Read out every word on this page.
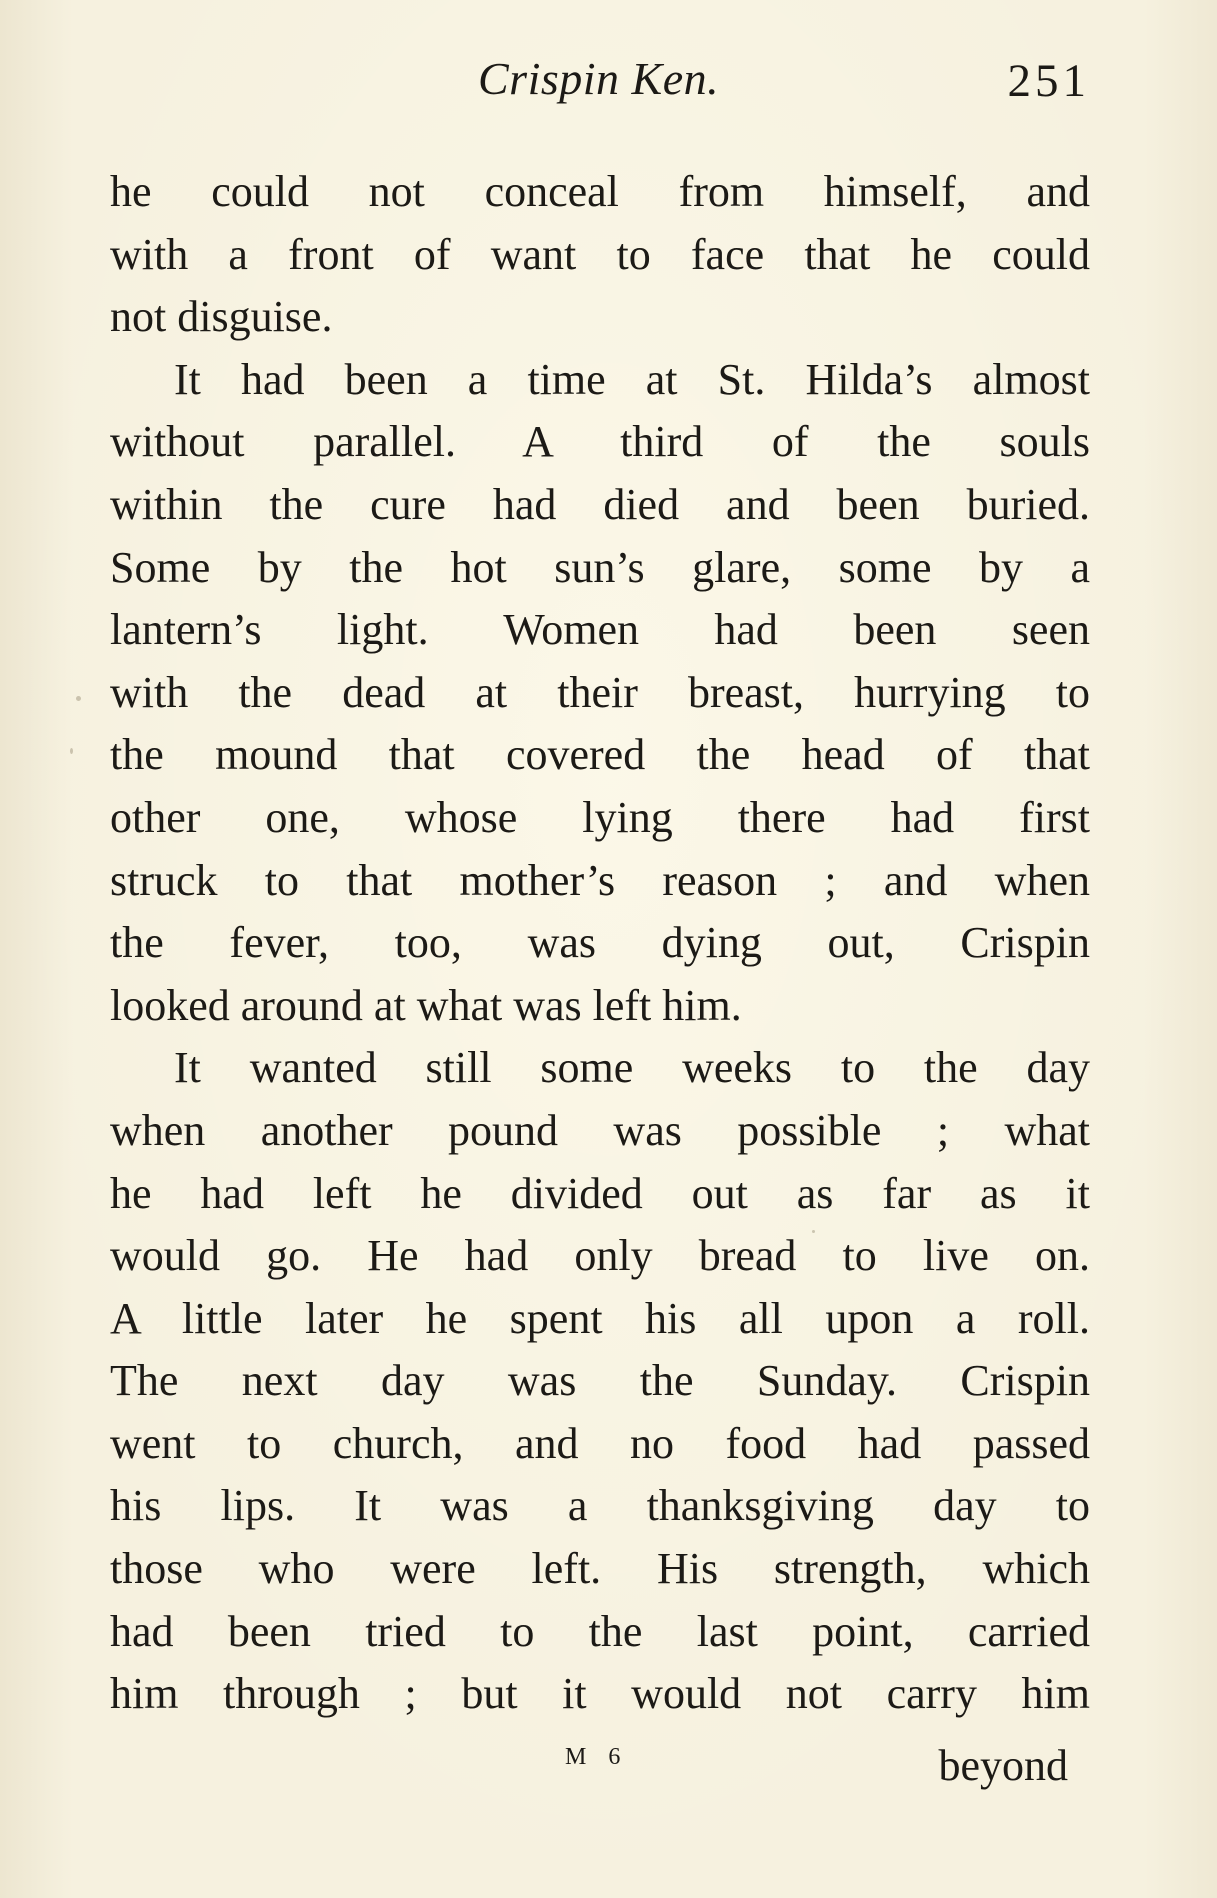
Crispin Ken.	251
he could not conceal from himself, and
with a front of want to face that he could
not disguise.
It had been a time at St. Hilda’s almost
without parallel. A third of the souls
within the cure had died and been buried.
Some by the hot sun’s glare, some by a
lantern’s light. Women had been seen
with the dead at their breast, hurrying to
the mound that covered the head of that
other one, whose lying there had first
struck to that mother’s reason ; and when
the fever, too, was dying out, Crispin
looked around at what was left him.
It wanted still some weeks to the day
when another pound was possible ; what
he had left he divided out as far as it
would go. He had only bread to live on.
A little later he spent his all upon a roll.
The next day was the Sunday. Crispin
went to church, and no food had passed
his lips. It was a thanksgiving day to
those who were left. His strength, which
had been tried to the last point, carried
him through ; but it would not carry him
M 6	beyond
